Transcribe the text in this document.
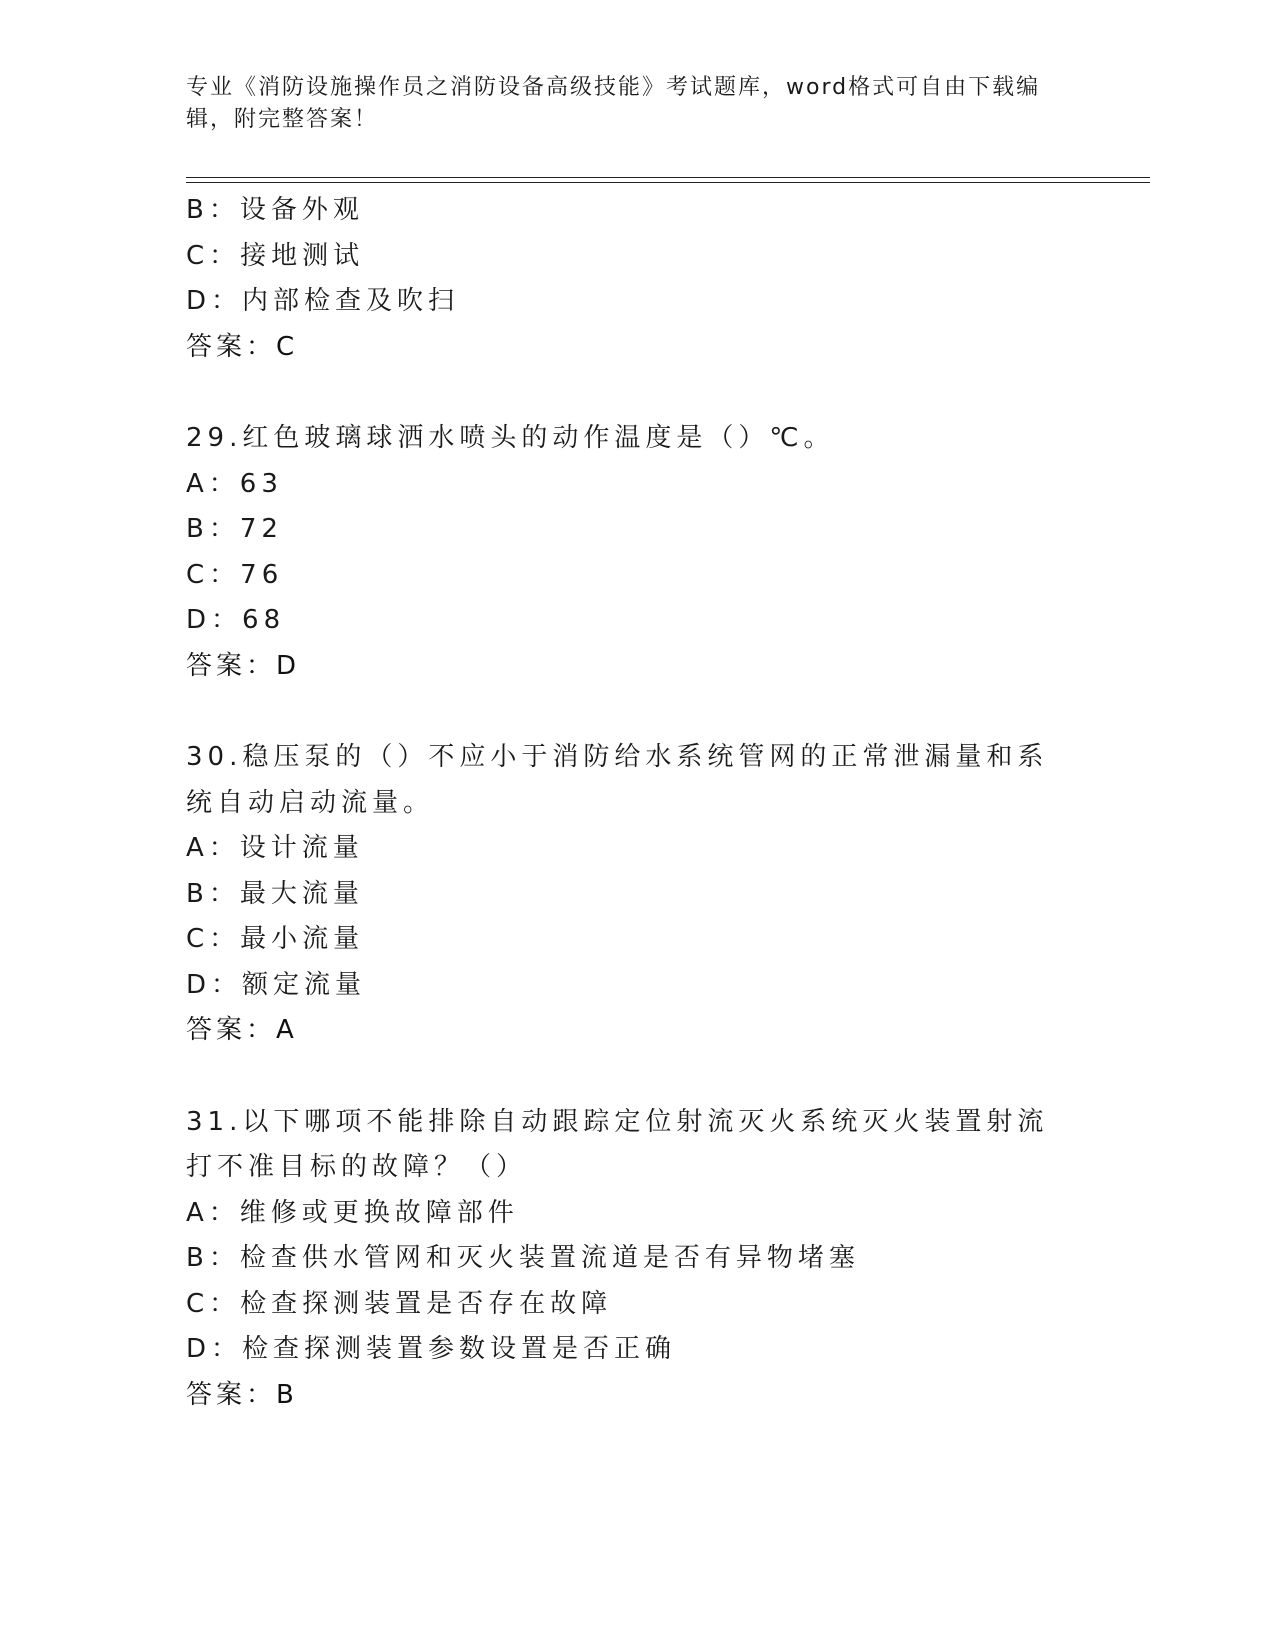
专业《消防设施操作员之消防设备高级技能》考试题库，word格式可自由下载编辑，附完整答案！
B：设备外观
C：接地测试
D：内部检查及吹扫
答案：C
29.红色玻璃球洒水喷头的动作温度是（）℃。
A：63
B：72
C：76
D：68
答案：D
30.稳压泵的（）不应小于消防给水系统管网的正常泄漏量和系统自动启动流量。
A：设计流量
B：最大流量
C：最小流量
D：额定流量
答案：A
31.以下哪项不能排除自动跟踪定位射流灭火系统灭火装置射流打不准目标的故障？（）
A：维修或更换故障部件
B：检查供水管网和灭火装置流道是否有异物堵塞
C：检查探测装置是否存在故障
D：检查探测装置参数设置是否正确
答案：B
